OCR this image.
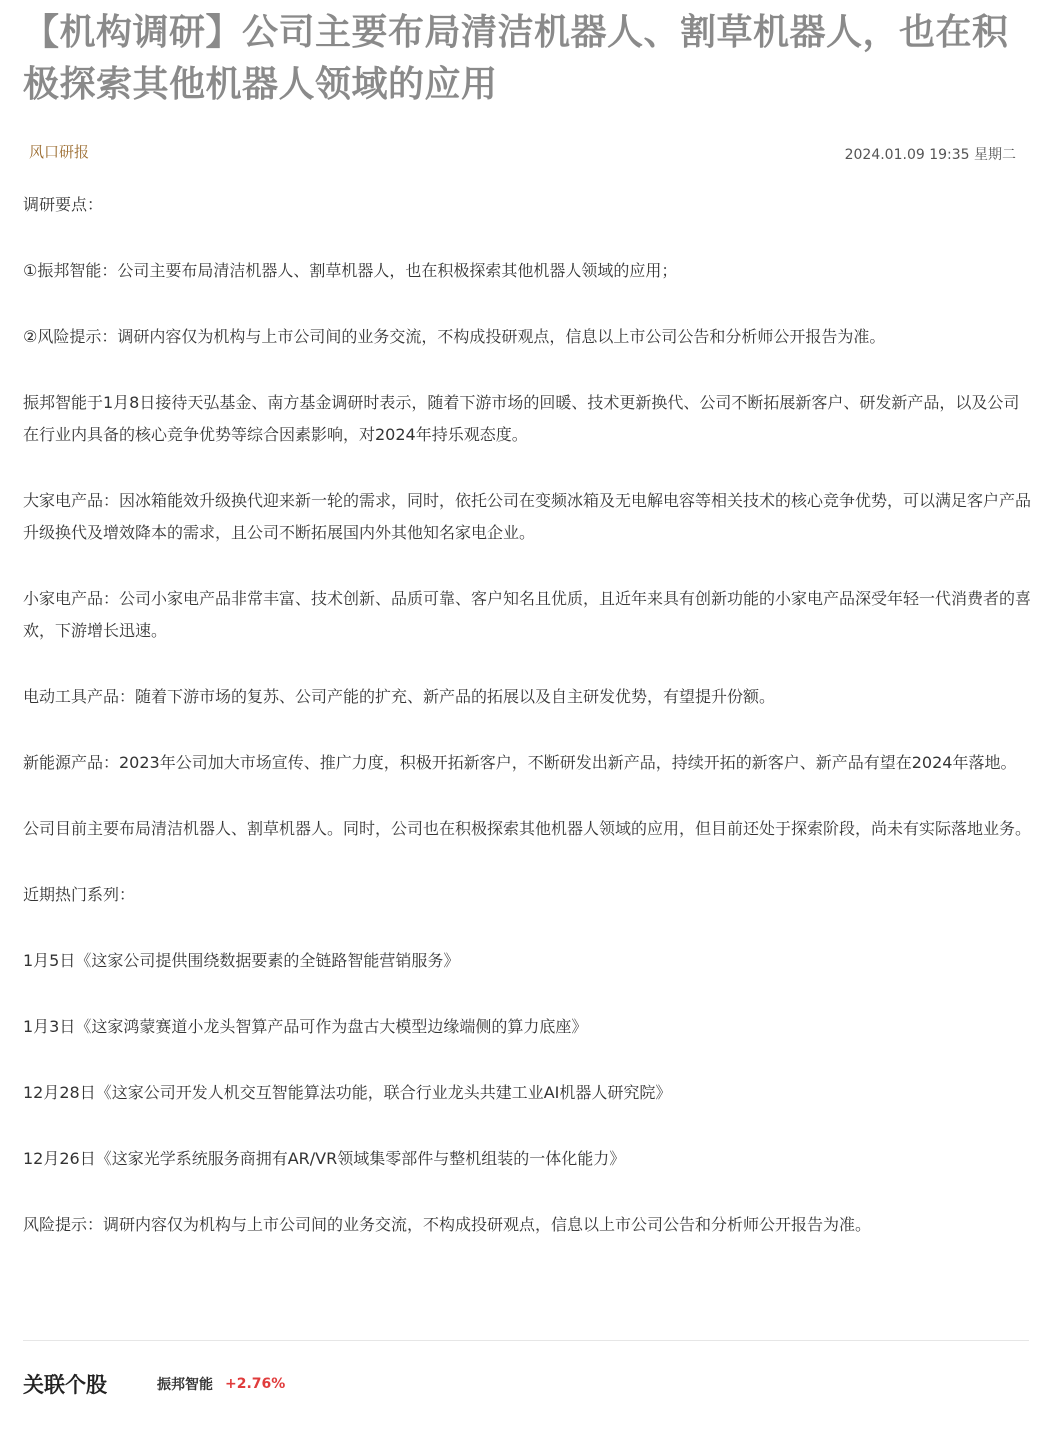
【机构调研】公司主要布局清洁机器人、割草机器人，也在积极探索其他机器人领域的应用
风口研报	2024.01.09 19:35 星期二

调研要点：

①振邦智能：公司主要布局清洁机器人、割草机器人，也在积极探索其他机器人领域的应用；

②风险提示：调研内容仅为机构与上市公司间的业务交流，不构成投研观点，信息以上市公司公告和分析师公开报告为准。

振邦智能于1月8日接待天弘基金、南方基金调研时表示，随着下游市场的回暖、技术更新换代、公司不断拓展新客户、研发新产品，以及公司在行业内具备的核心竞争优势等综合因素影响，对2024年持乐观态度。

大家电产品：因冰箱能效升级换代迎来新一轮的需求，同时，依托公司在变频冰箱及无电解电容等相关技术的核心竞争优势，可以满足客户产品升级换代及增效降本的需求，且公司不断拓展国内外其他知名家电企业。

小家电产品：公司小家电产品非常丰富、技术创新、品质可靠、客户知名且优质，且近年来具有创新功能的小家电产品深受年轻一代消费者的喜欢，下游增长迅速。

电动工具产品：随着下游市场的复苏、公司产能的扩充、新产品的拓展以及自主研发优势，有望提升份额。

新能源产品：2023年公司加大市场宣传、推广力度，积极开拓新客户，不断研发出新产品，持续开拓的新客户、新产品有望在2024年落地。

公司目前主要布局清洁机器人、割草机器人。同时，公司也在积极探索其他机器人领域的应用，但目前还处于探索阶段，尚未有实际落地业务。

近期热门系列：

1月5日《这家公司提供围绕数据要素的全链路智能营销服务》

1月3日《这家鸿蒙赛道小龙头智算产品可作为盘古大模型边缘端侧的算力底座》

12月28日《这家公司开发人机交互智能算法功能，联合行业龙头共建工业AI机器人研究院》

12月26日《这家光学系统服务商拥有AR/VR领域集零部件与整机组装的一体化能力》

风险提示：调研内容仅为机构与上市公司间的业务交流，不构成投研观点，信息以上市公司公告和分析师公开报告为准。

关联个股	振邦智能 +2.76%
